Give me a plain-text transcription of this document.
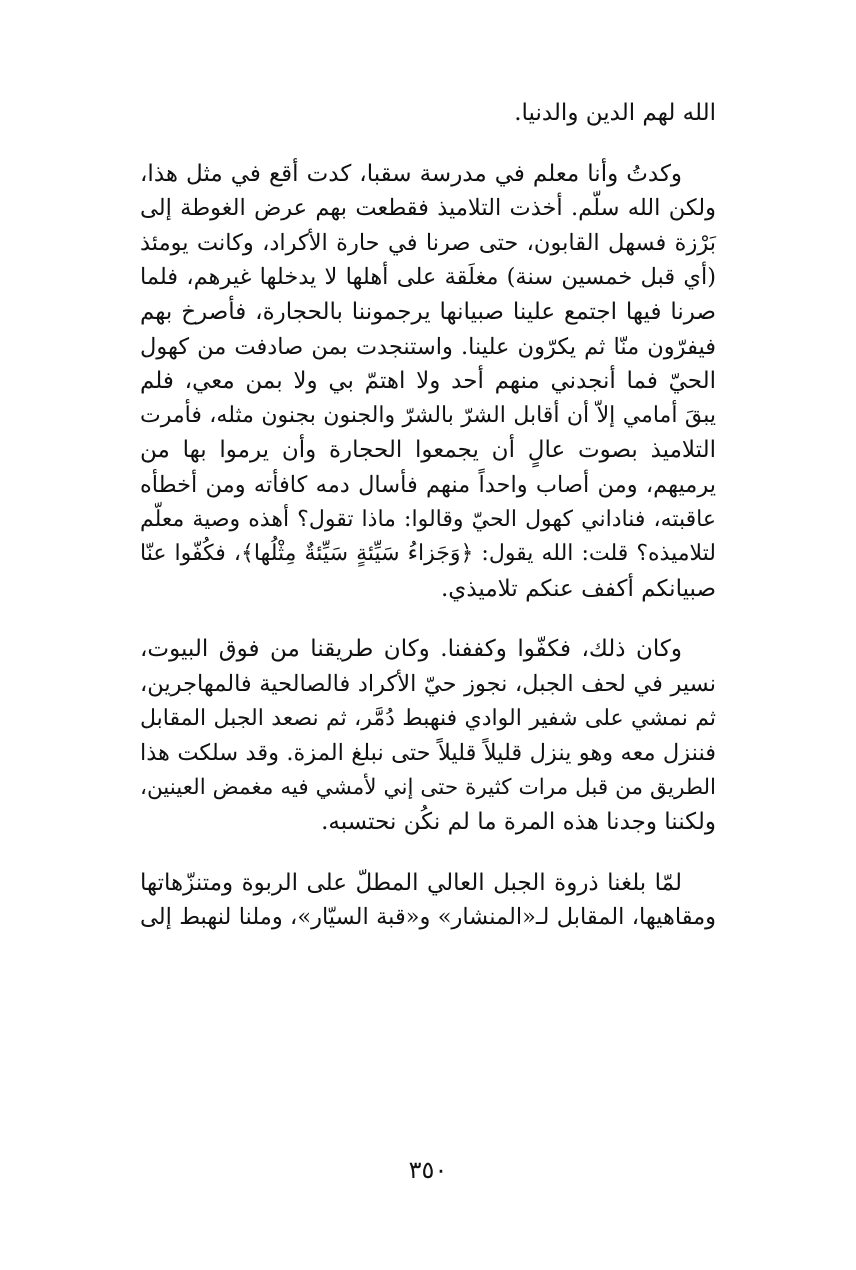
الله لهم الدين والدنيا.

وكدتُ وأنا معلم في مدرسة سقبا، كدت أقع في مثل هذا،
ولكن الله سلّم. أخذت التلاميذ فقطعت بهم عرض الغوطة إلى
بَرْزة فسهل القابون، حتى صرنا في حارة الأكراد، وكانت يومئذ
(أي قبل خمسين سنة) مغلَقة على أهلها لا يدخلها غيرهم، فلما
صرنا فيها اجتمع علينا صبيانها يرجموننا بالحجارة، فأصرخ بهم
فيفرّون منّا ثم يكرّون علينا. واستنجدت بمن صادفت من كهول
الحيّ فما أنجدني منهم أحد ولا اهتمّ بي ولا بمن معي، فلم
يبقَ أمامي إلاّ أن أقابل الشرّ بالشرّ والجنون بجنون مثله، فأمرت
التلاميذ بصوت عالٍ أن يجمعوا الحجارة وأن يرموا بها من
يرميهم، ومن أصاب واحداً منهم فأسال دمه كافأته ومن أخطأه
عاقبته، فناداني كهول الحيّ وقالوا: ماذا تقول؟ أهذه وصية معلّم
لتلاميذه؟ قلت: الله يقول: ﴿وَجَزاءُ سَيِّئةٍ سَيِّئةٌ مِثْلُها﴾، فكُفّوا عنّا
صبيانكم أكفف عنكم تلاميذي.

وكان ذلك، فكفّوا وكففنا. وكان طريقنا من فوق البيوت،
نسير في لحف الجبل، نجوز حيّ الأكراد فالصالحية فالمهاجرين،
ثم نمشي على شفير الوادي فنهبط دُمَّر، ثم نصعد الجبل المقابل
فننزل معه وهو ينزل قليلاً قليلاً حتى نبلغ المزة. وقد سلكت هذا
الطريق من قبل مرات كثيرة حتى إني لأمشي فيه مغمض العينين،
ولكننا وجدنا هذه المرة ما لم نكُن نحتسبه.

لمّا بلغنا ذروة الجبل العالي المطلّ على الربوة ومتنزّهاتها
ومقاهيها، المقابل لـ«المنشار» و«قبة السيّار»، وملنا لنهبط إلى

٣٥٠
